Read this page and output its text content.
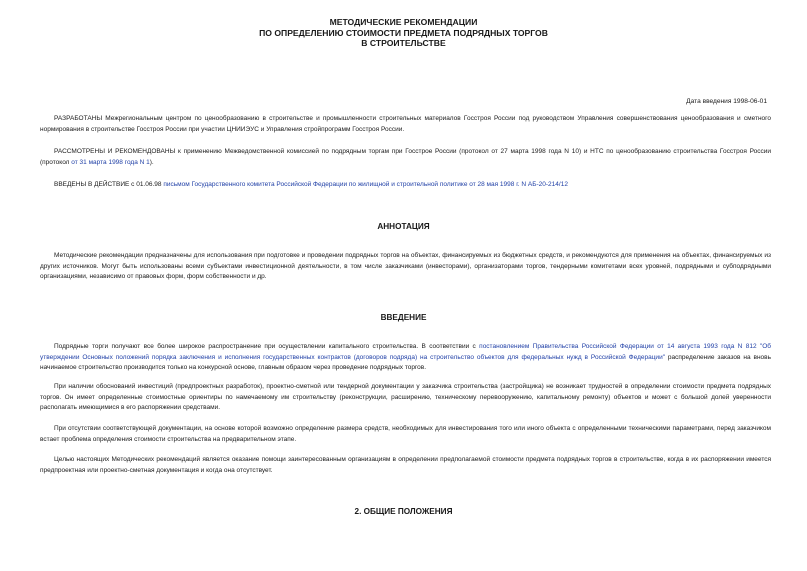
МЕТОДИЧЕСКИЕ РЕКОМЕНДАЦИИ
ПО ОПРЕДЕЛЕНИЮ СТОИМОСТИ ПРЕДМЕТА ПОДРЯДНЫХ ТОРГОВ
В СТРОИТЕЛЬСТВЕ
Дата введения 1998-06-01
РАЗРАБОТАНЫ Межрегиональным центром по ценообразованию в строительстве и промышленности строительных материалов Госстроя России под руководством Управления совершенствования ценообразования и сметного нормирования в строительстве Госстроя России при участии ЦНИИЭУС и Управления стройпрограмм Госстроя России.
РАССМОТРЕНЫ И РЕКОМЕНДОВАНЫ к применению Межведомственной комиссией по подрядным торгам при Госстрое России (протокол от 27 марта 1998 года N 10) и НТС по ценообразованию строительства Госстроя России (протокол от 31 марта 1998 года N 1).
ВВЕДЕНЫ В ДЕЙСТВИЕ с 01.06.98 письмом Государственного комитета Российской Федерации по жилищной и строительной политике от 28 мая 1998 г. N АБ-20-214/12
АННОТАЦИЯ
Методические рекомендации предназначены для использования при подготовке и проведении подрядных торгов на объектах, финансируемых из бюджетных средств, и рекомендуются для применения на объектах, финансируемых из других источников. Могут быть использованы всеми субъектами инвестиционной деятельности, в том числе заказчиками (инвесторами), организаторами торгов, тендерными комитетами всех уровней, подрядными и субподрядными организациями, независимо от правовых форм, форм собственности и др.
ВВЕДЕНИЕ
Подрядные торги получают все более широкое распространение при осуществлении капитального строительства. В соответствии с постановлением Правительства Российской Федерации от 14 августа 1993 года N 812 "Об утверждении Основных положений порядка заключения и исполнения государственных контрактов (договоров подряда) на строительство объектов для федеральных нужд в Российской Федерации" распределение заказов на вновь начинаемое строительство производится только на конкурсной основе, главным образом через проведение подрядных торгов.
При наличии обоснований инвестиций (предпроектных разработок), проектно-сметной или тендерной документации у заказчика строительства (застройщика) не возникает трудностей в определении стоимости предмета подрядных торгов. Он имеет определенные стоимостные ориентиры по намечаемому им строительству (реконструкции, расширению, техническому перевооружению, капитальному ремонту) объектов и может с большой долей уверенности располагать имеющимися в его распоряжении средствами.
При отсутствии соответствующей документации, на основе которой возможно определение размера средств, необходимых для инвестирования того или иного объекта с определенными техническими параметрами, перед заказчиком встает проблема определения стоимости строительства на предварительном этапе.
Целью настоящих Методических рекомендаций является оказание помощи заинтересованным организациям в определении предполагаемой стоимости предмета подрядных торгов в строительстве, когда в их распоряжении имеется предпроектная или проектно-сметная документация и когда она отсутствует.
2. ОБЩИЕ ПОЛОЖЕНИЯ
